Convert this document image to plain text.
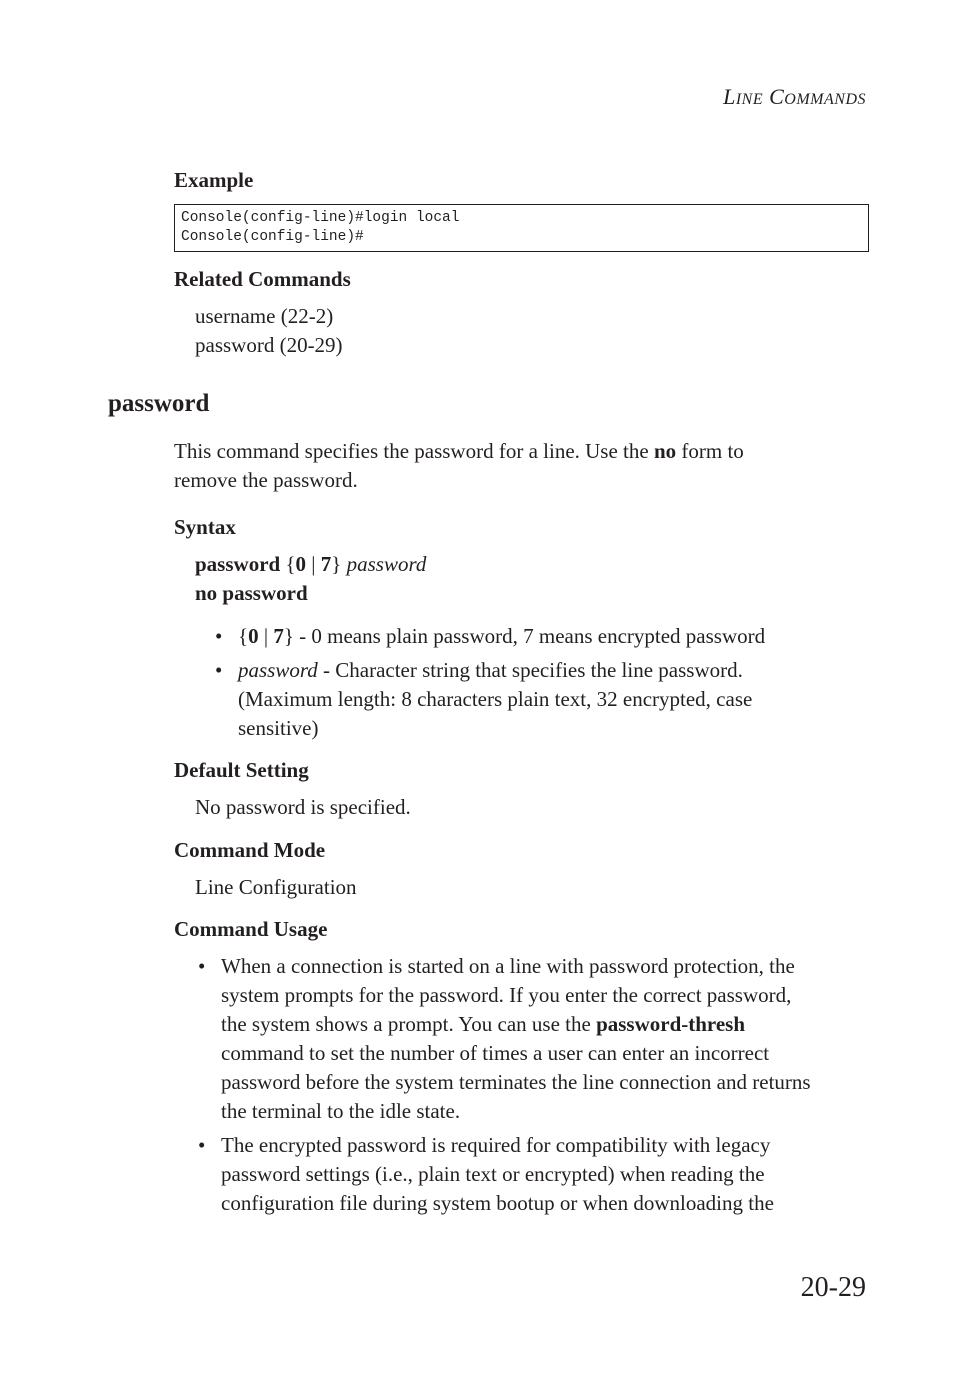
LINE COMMANDS
Example
Console(config-line)#login local
Console(config-line)#
Related Commands
username (22-2)
password (20-29)
password
This command specifies the password for a line. Use the no form to
remove the password.
Syntax
password {0 | 7} password
no password
• {0 | 7} - 0 means plain password, 7 means encrypted password
• password - Character string that specifies the line password.
(Maximum length: 8 characters plain text, 32 encrypted, case
sensitive)
Default Setting
No password is specified.
Command Mode
Line Configuration
Command Usage
• When a connection is started on a line with password protection, the
system prompts for the password. If you enter the correct password,
the system shows a prompt. You can use the password-thresh
command to set the number of times a user can enter an incorrect
password before the system terminates the line connection and returns
the terminal to the idle state.
• The encrypted password is required for compatibility with legacy
password settings (i.e., plain text or encrypted) when reading the
configuration file during system bootup or when downloading the
20-29
